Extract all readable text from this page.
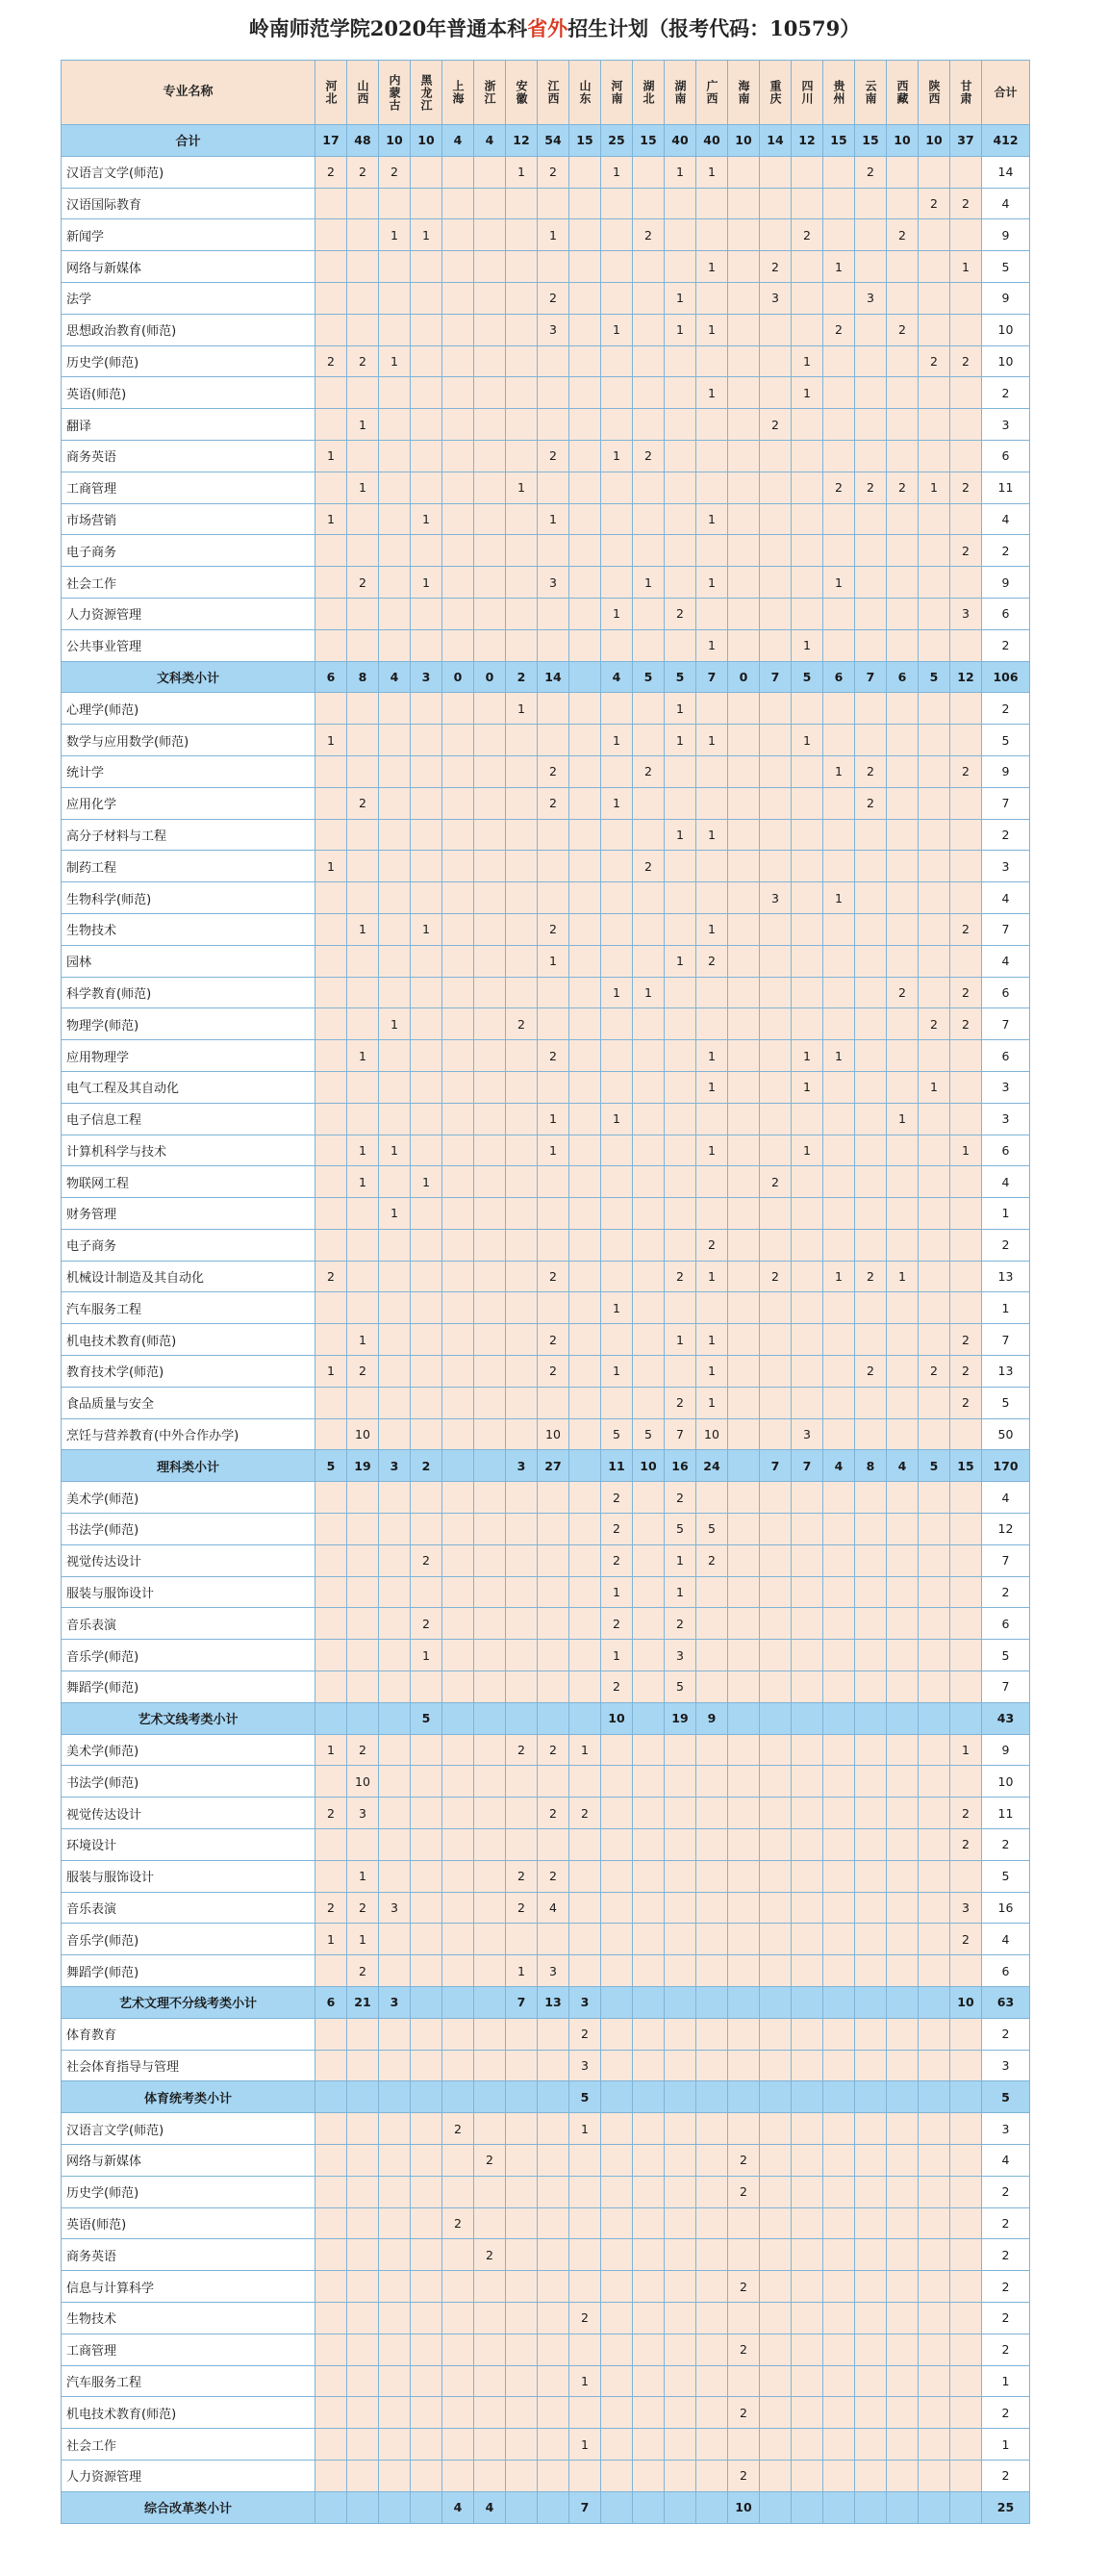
岭南师范学院2020年普通本科省外招生计划（报考代码：10579）
专业名称	河北	山西	内蒙古	黑龙江	上海	浙江	安徽	江西	山东	河南	湖北	湖南	广西	海南	重庆	四川	贵州	云南	西藏	陕西	甘肃	合计
合计	17	48	10	10	4	4	12	54	15	25	15	40	40	10	14	12	15	15	10	10	37	412
汉语言文学(师范)	2	2	2				1	2		1		1	1					2				14
汉语国际教育																				2	2	4
新闻学			1	1				1			2					2			2			9
网络与新媒体													1		2		1				1	5
法学								2				1			3			3				9
思想政治教育(师范)								3		1		1	1				2		2			10
历史学(师范)	2	2	1													1				2	2	10
英语(师范)													1			1						2
翻译		1													2							3
商务英语	1							2		1	2											6
工商管理		1					1										2	2	2	1	2	11
市场营销	1			1				1					1									4
电子商务																					2	2
社会工作		2		1				3			1		1				1					9
人力资源管理										1		2									3	6
公共事业管理													1			1						2
文科类小计	6	8	4	3	0	0	2	14		4	5	5	7	0	7	5	6	7	6	5	12	106
心理学(师范)							1					1										2
数学与应用数学(师范)	1									1		1	1			1						5
统计学								2			2						1	2			2	9
应用化学		2						2		1								2				7
高分子材料与工程												1	1									2
制药工程	1										2											3
生物科学(师范)															3		1					4
生物技术		1		1				2					1								2	7
园林								1				1	2									4
科学教育(师范)										1	1								2		2	6
物理学(师范)			1				2													2	2	7
应用物理学		1						2					1			1	1					6
电气工程及其自动化													1			1				1		3
电子信息工程								1		1									1			3
计算机科学与技术		1	1					1					1			1					1	6
物联网工程		1		1											2							4
财务管理			1																			1
电子商务													2									2
机械设计制造及其自动化	2							2				2	1		2		1	2	1			13
汽车服务工程										1												1
机电技术教育(师范)		1						2				1	1								2	7
教育技术学(师范)	1	2						2		1			1					2		2	2	13
食品质量与安全												2	1								2	5
烹饪与营养教育(中外合作办学)		10						10		5	5	7	10			3						50
理科类小计	5	19	3	2			3	27		11	10	16	24		7	7	4	8	4	5	15	170
美术学(师范)										2		2										4
书法学(师范)										2		5	5									12
视觉传达设计				2						2		1	2									7
服装与服饰设计										1		1										2
音乐表演				2						2		2										6
音乐学(师范)				1						1		3										5
舞蹈学(师范)										2		5										7
艺术文线考类小计				5						10		19	9									43
美术学(师范)	1	2					2	2	1												1	9
书法学(师范)		10																				10
视觉传达设计	2	3						2	2												2	11
环境设计																					2	2
服装与服饰设计		1					2	2														5
音乐表演	2	2	3				2	4													3	16
音乐学(师范)	1	1																			2	4
舞蹈学(师范)		2					1	3														6
艺术文理不分线考类小计	6	21	3				7	13	3												10	63
体育教育									2													2
社会体育指导与管理									3													3
体育统考类小计									5													5
汉语言文学(师范)					2				1													3
网络与新媒体						2								2								4
历史学(师范)														2								2
英语(师范)					2																	2
商务英语						2																2
信息与计算科学														2								2
生物技术									2													2
工商管理														2								2
汽车服务工程									1													1
机电技术教育(师范)														2								2
社会工作									1													1
人力资源管理														2								2
综合改革类小计					4	4			7					10								25
